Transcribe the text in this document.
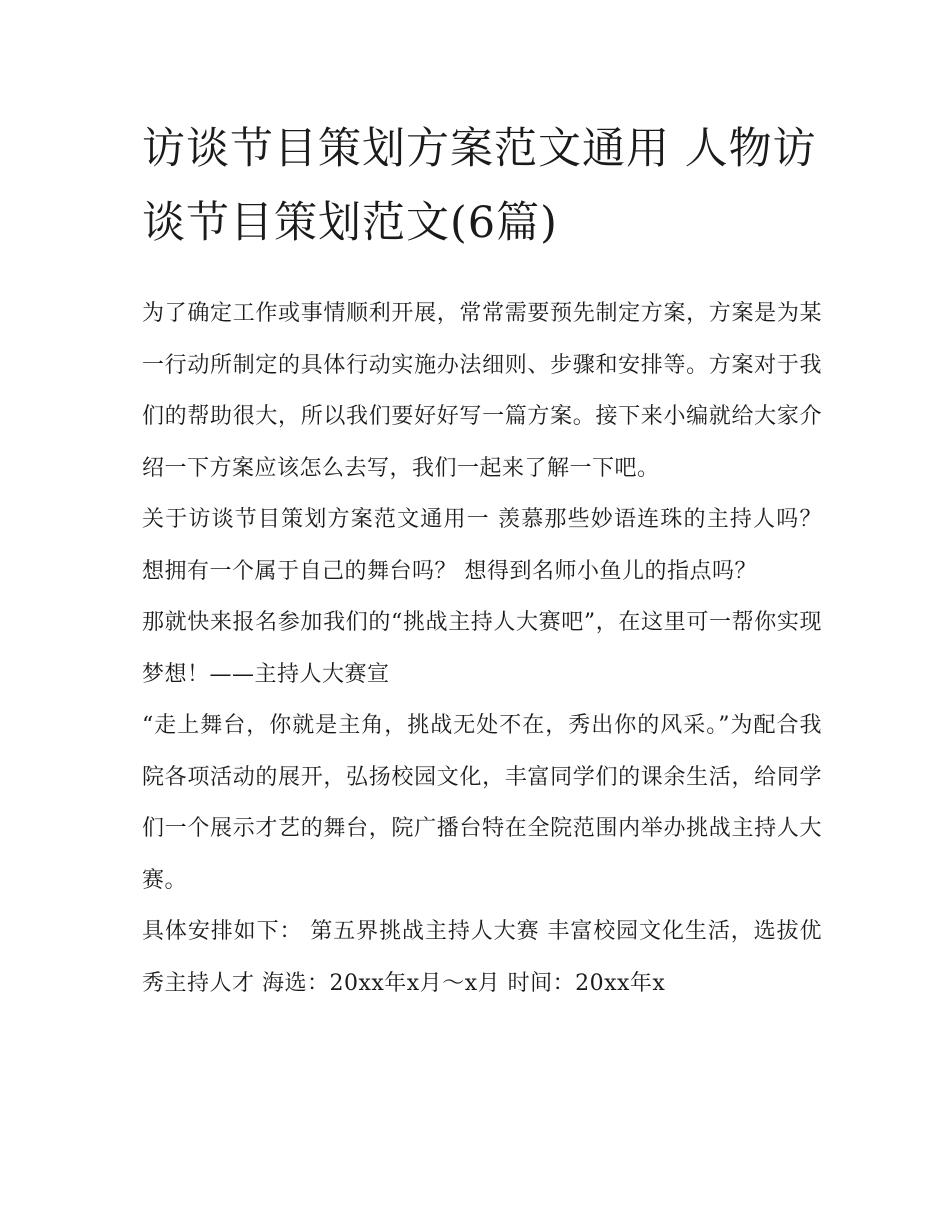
访谈节目策划方案范文通用 人物访谈节目策划范文(6篇)

为了确定工作或事情顺利开展，常常需要预先制定方案，方案是为某一行动所制定的具体行动实施办法细则、步骤和安排等。方案对于我们的帮助很大，所以我们要好好写一篇方案。接下来小编就给大家介绍一下方案应该怎么去写，我们一起来了解一下吧。

关于访谈节目策划方案范文通用一 羡慕那些妙语连珠的主持人吗？ 想拥有一个属于自己的舞台吗？ 想得到名师小鱼儿的指点吗？

那就快来报名参加我们的“挑战主持人大赛吧”，在这里可一帮你实现梦想！——主持人大赛宣

“走上舞台，你就是主角，挑战无处不在，秀出你的风采。”为配合我院各项活动的展开，弘扬校园文化，丰富同学们的课余生活，给同学们一个展示才艺的舞台，院广播台特在全院范围内举办挑战主持人大赛。

具体安排如下： 第五界挑战主持人大赛 丰富校园文化生活，选拔优秀主持人才 海选：20xx年x月～x月 时间：20xx年x
